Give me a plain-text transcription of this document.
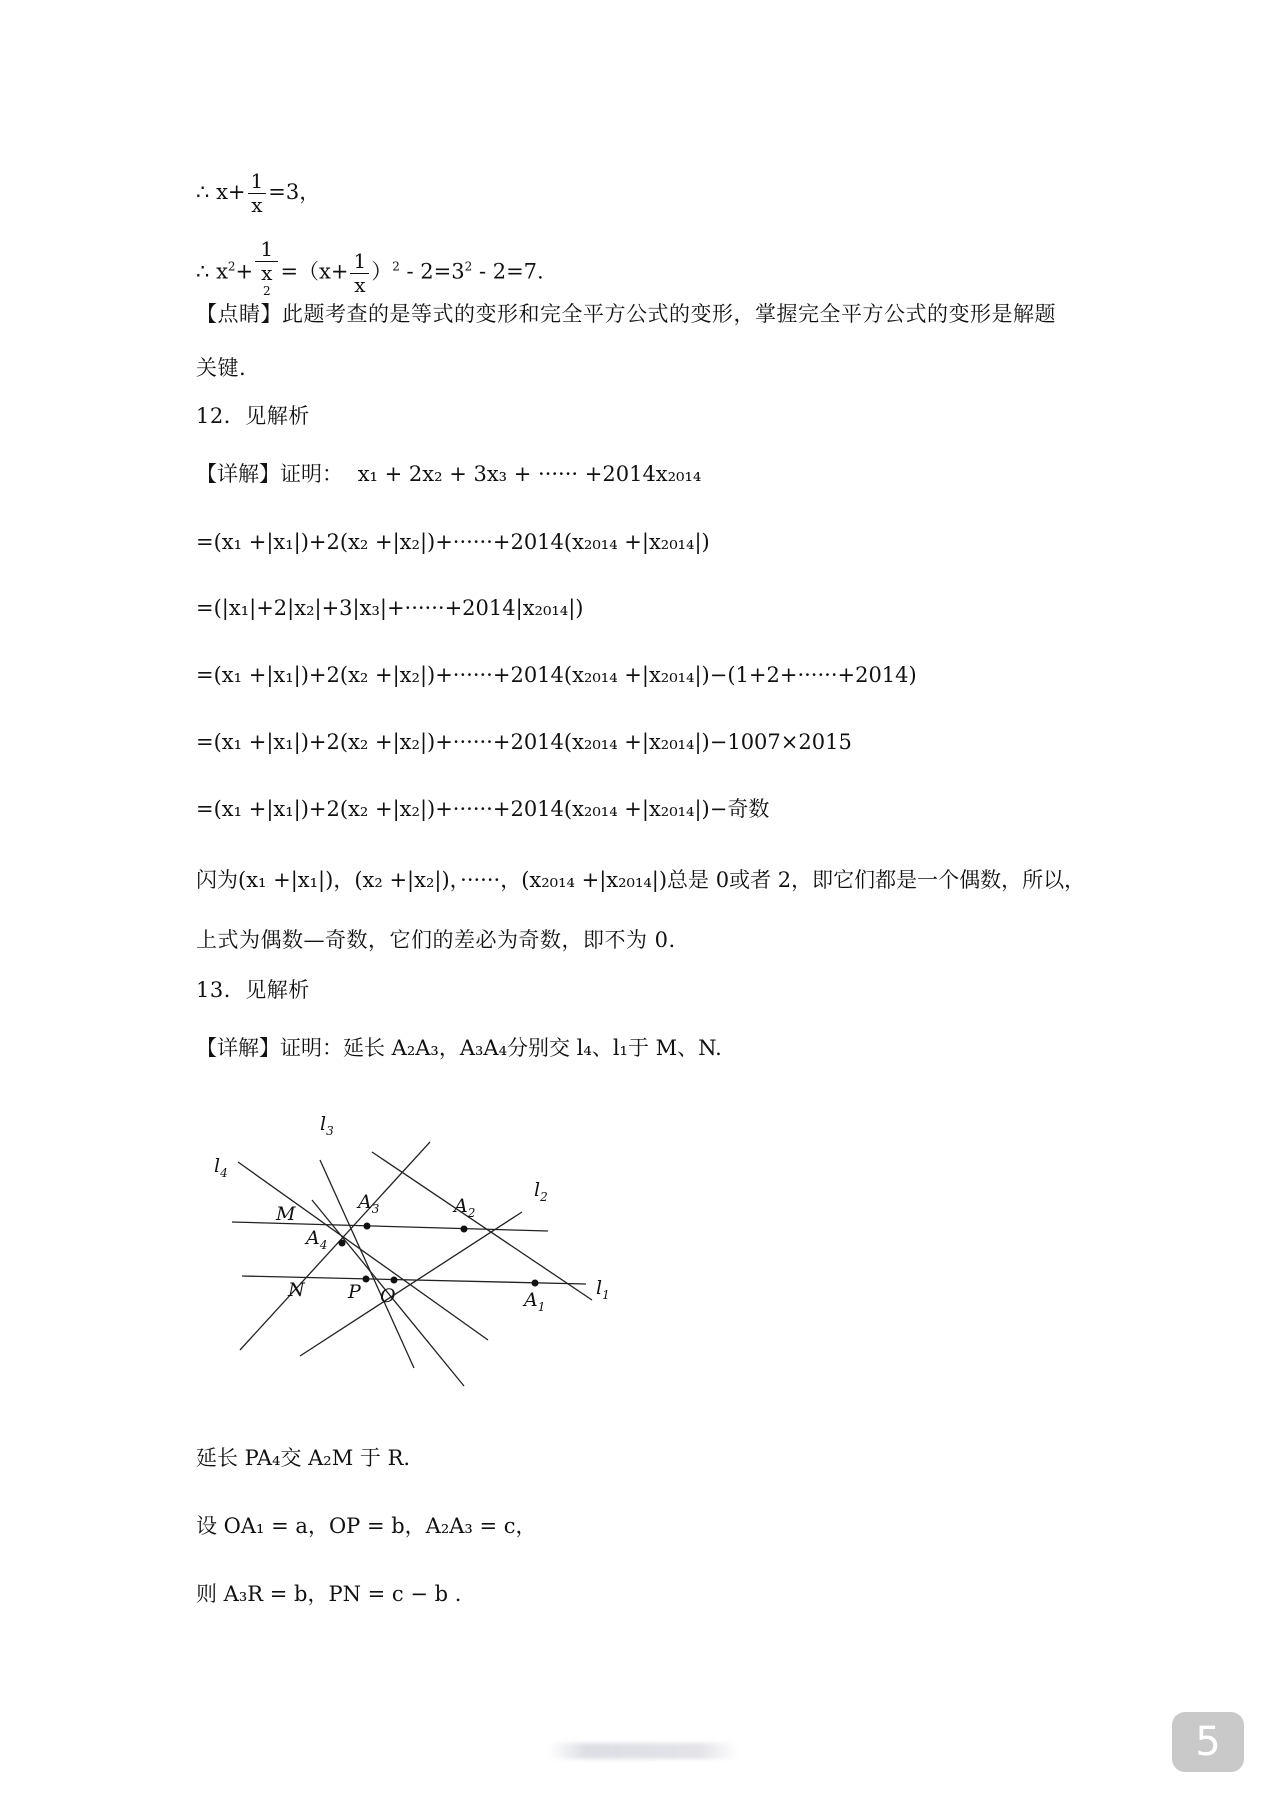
∴ $x+ \frac{1}{x} =3$，
∴ $x^2+ 1$
x
$^2 =(x+ \frac{1}{x} )^2 - 2=3^2 - 2=7$.
【点睛】此题考查的是等式的变形和完全平方公式的变形，掌握完全平方公式的变形是解题
关键.
12．见解析
【详解】证明： x₁ + 2x₂ + 3x₃ + ······ +2014x₂₀₁₄
=(x₁ +|x₁|)+2(x₂ +|x₂|)+······+2014(x₂₀₁₄ +|x₂₀₁₄|)
=(|x₁|+2|x₂|+3|x₃|+······+2014|x₂₀₁₄|)
=(x₁ +|x₁|)+2(x₂ +|x₂|)+······+2014(x₂₀₁₄ +|x₂₀₁₄|)−(1+2+······+2014)
=(x₁ +|x₁|)+2(x₂ +|x₂|)+······+2014(x₂₀₁₄ +|x₂₀₁₄|)−1007×2015
=(x₁ +|x₁|)+2(x₂ +|x₂|)+······+2014(x₂₀₁₄ +|x₂₀₁₄|)−奇数
闪为(x₁ +|x₁|)，(x₂ +|x₂|)，······，(x₂₀₁₄ +|x₂₀₁₄|)总是 0或者 2，即它们都是一个偶数，所以，
上式为偶数—奇数，它们的差必为奇数，即不为 0.
13．见解析
【详解】证明：延长 A₂A₃，A₃A₄分别交 l₄、l₁于 M、N.
$l_4$
$l_3$
$l_2$
$l_1$
M
N P O	$A_1$
$A_2$
$A_3$
$A_4$
延长 PA₄交 A₂M 于 R.
设 OA₁ = a，OP = b，A₂A₃ = c，
则 A₃R = b，PN = c − b .
5
